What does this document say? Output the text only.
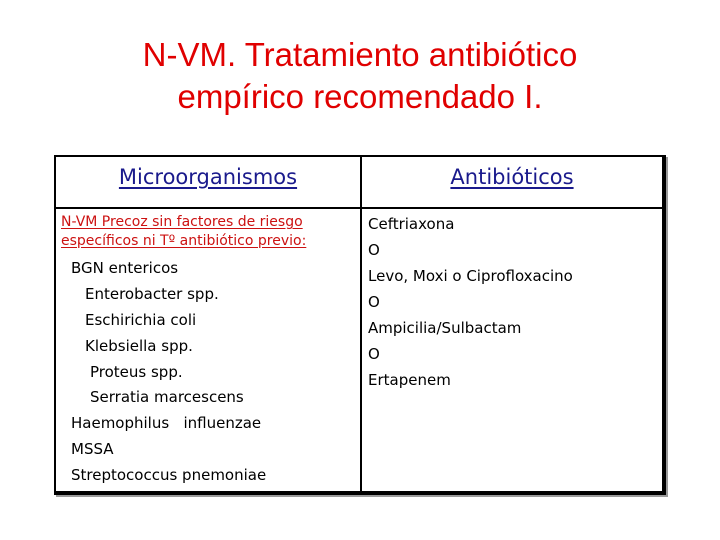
N-VM. Tratamiento antibiótico
empírico recomendado I.
Microorganismos	Antibióticos
N-VM Precoz sin factores de riesgo
específicos ni Tº antibiótico previo:
BGN entericos
Enterobacter spp.
Eschirichia coli
Klebsiella spp.
Proteus spp.
Serratia marcescens
Haemophilus   influenzae
MSSA
Streptococcus pnemoniae
Ceftriaxona
O
Levo, Moxi o Ciprofloxacino
O
Ampicilia/Sulbactam
O
Ertapenem
